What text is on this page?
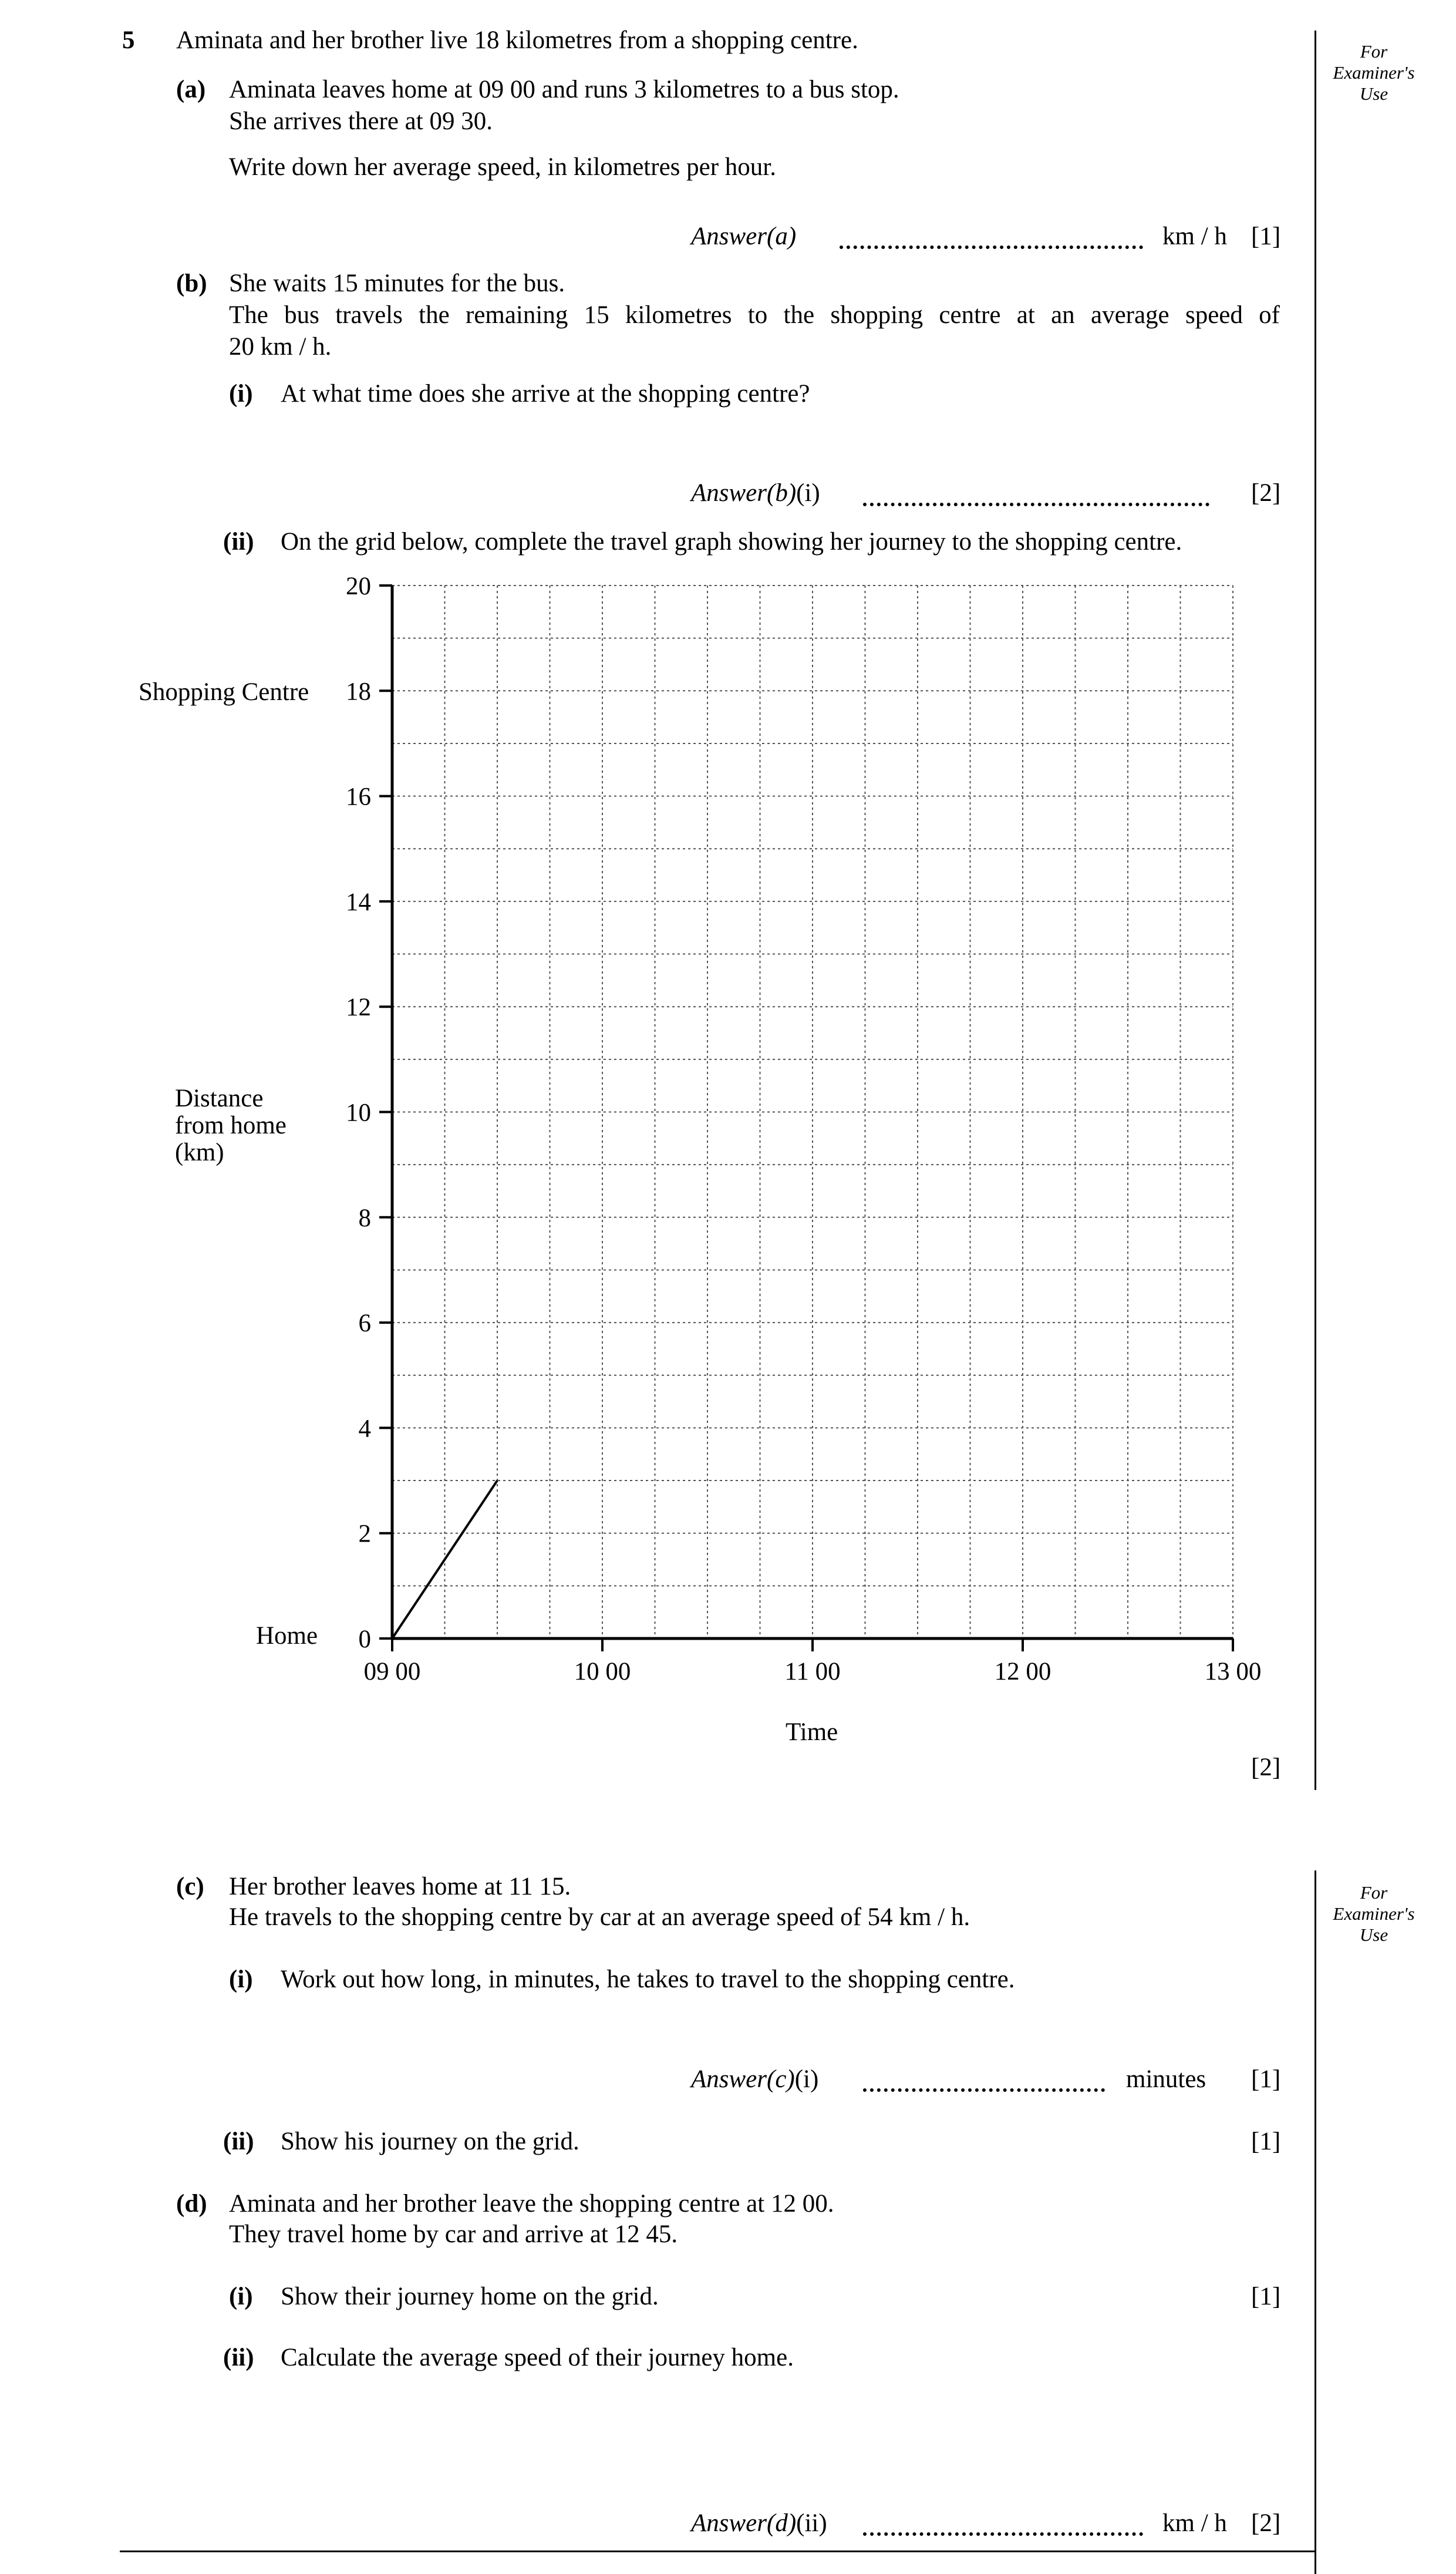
For
Examiner's
Use
For
Examiner's
Use
5 Aminata and her brother live 18 kilometres from a shopping centre.
(a) Aminata leaves home at 09 00 and runs 3 kilometres to a bus stop.
She arrives there at 09 30.
Write down her average speed, in kilometres per hour.
Answer(a)	km / h [1]
(b) She waits 15 minutes for the bus.
The bus travels the remaining 15 kilometres to the shopping centre at an average speed of
20 km / h.
(i) At what time does she arrive at the shopping centre?
Answer(b)(i)	[2]
(ii) On the grid below, complete the travel graph showing her journey to the shopping centre.
0
2
4
6
8
10
12
14
16
18
20
09 00	10 00	11 00	12 00	13 00
Shopping Centre
Home
Distance
from home
(km)
Time
[2]
(c) Her brother leaves home at 11 15.
He travels to the shopping centre by car at an average speed of 54 km / h.
(i) Work out how long, in minutes, he takes to travel to the shopping centre.
Answer(c)(i)	minutes [1]
(ii) Show his journey on the grid.	[1]
(d) Aminata and her brother leave the shopping centre at 12 00.
They travel home by car and arrive at 12 45.
(i) Show their journey home on the grid.	[1]
(ii) Calculate the average speed of their journey home.
Answer(d)(ii)	km / h [2]
